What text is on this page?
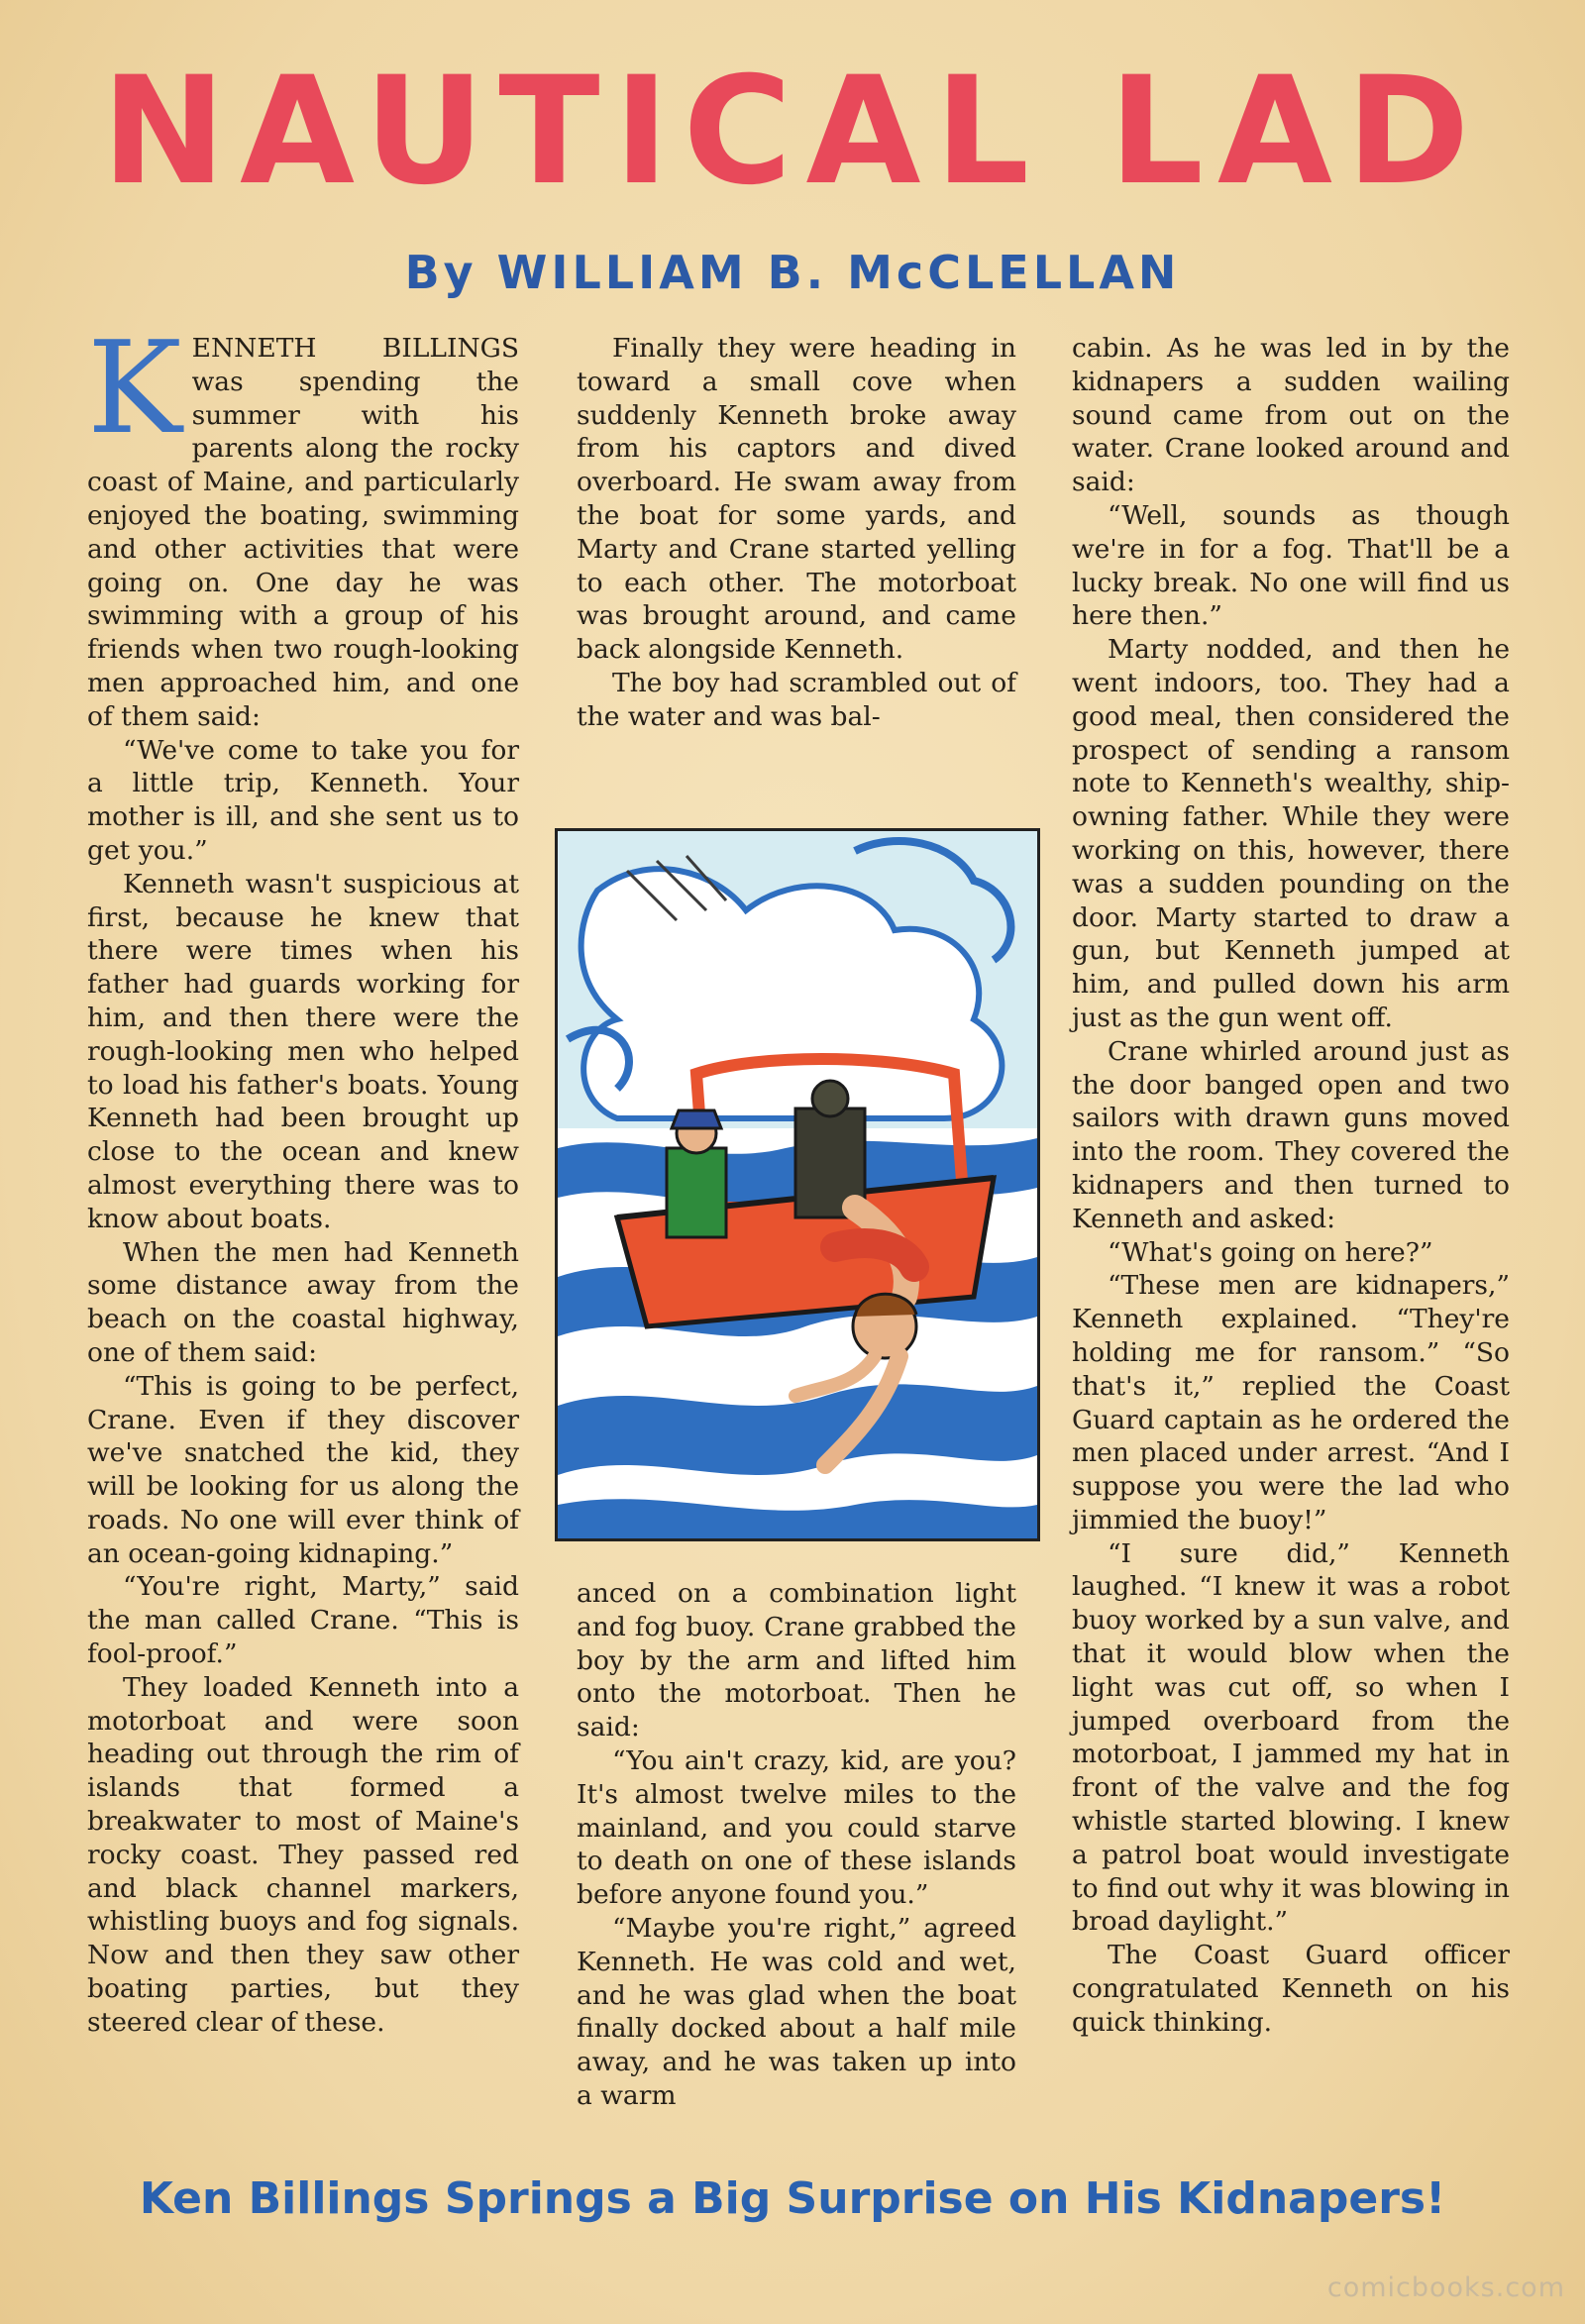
NAUTICAL LAD
By WILLIAM B. McCLELLAN

KENNETH BILLINGS was spending the summer with his parents along the rocky coast of Maine, and particularly enjoyed the boating, swimming and other activities that were going on. One day he was swimming with a group of his friends when two rough-looking men approached him, and one of them said:

“We've come to take you for a little trip, Kenneth. Your mother is ill, and she sent us to get you.”

Kenneth wasn't suspicious at first, because he knew that there were times when his father had guards working for him, and then there were the rough-looking men who helped to load his father's boats. Young Kenneth had been brought up close to the ocean and knew almost everything there was to know about boats.

When the men had Kenneth some distance away from the beach on the coastal highway, one of them said:

“This is going to be perfect, Crane. Even if they discover we've snatched the kid, they will be looking for us along the roads. No one will ever think of an ocean-going kidnaping.”

“You're right, Marty,” said the man called Crane. “This is fool-proof.”

They loaded Kenneth into a motorboat and were soon heading out through the rim of islands that formed a breakwater to most of Maine's rocky coast. They passed red and black channel markers, whistling buoys and fog signals. Now and then they saw other boating parties, but they steered clear of these.

Finally they were heading in toward a small cove when suddenly Kenneth broke away from his captors and dived overboard. He swam away from the boat for some yards, and Marty and Crane started yelling to each other. The motorboat was brought around, and came back alongside Kenneth.

The boy had scrambled out of the water and was bal-

anced on a combination light and fog buoy. Crane grabbed the boy by the arm and lifted him onto the motorboat. Then he said:

“You ain't crazy, kid, are you? It's almost twelve miles to the mainland, and you could starve to death on one of these islands before anyone found you.”

“Maybe you're right,” agreed Kenneth. He was cold and wet, and he was glad when the boat finally docked about a half mile away, and he was taken up into a warm

cabin. As he was led in by the kidnapers a sudden wailing sound came from out on the water. Crane looked around and said:

“Well, sounds as though we're in for a fog. That'll be a lucky break. No one will find us here then.”

Marty nodded, and then he went indoors, too. They had a good meal, then considered the prospect of sending a ransom note to Kenneth's wealthy, ship-owning father. While they were working on this, however, there was a sudden pounding on the door. Marty started to draw a gun, but Kenneth jumped at him, and pulled down his arm just as the gun went off.

Crane whirled around just as the door banged open and two sailors with drawn guns moved into the room. They covered the kidnapers and then turned to Kenneth and asked:

“What's going on here?”

“These men are kidnapers,” Kenneth explained. “They're holding me for ransom.” “So that's it,” replied the Coast Guard captain as he ordered the men placed under arrest. “And I suppose you were the lad who jimmied the buoy!”

“I sure did,” Kenneth laughed. “I knew it was a robot buoy worked by a sun valve, and that it would blow when the light was cut off, so when I jumped overboard from the motorboat, I jammed my hat in front of the valve and the fog whistle started blowing. I knew a patrol boat would investigate to find out why it was blowing in broad daylight.”

The Coast Guard officer congratulated Kenneth on his quick thinking.

Ken Billings Springs a Big Surprise on His Kidnapers!
comicbooks.com
